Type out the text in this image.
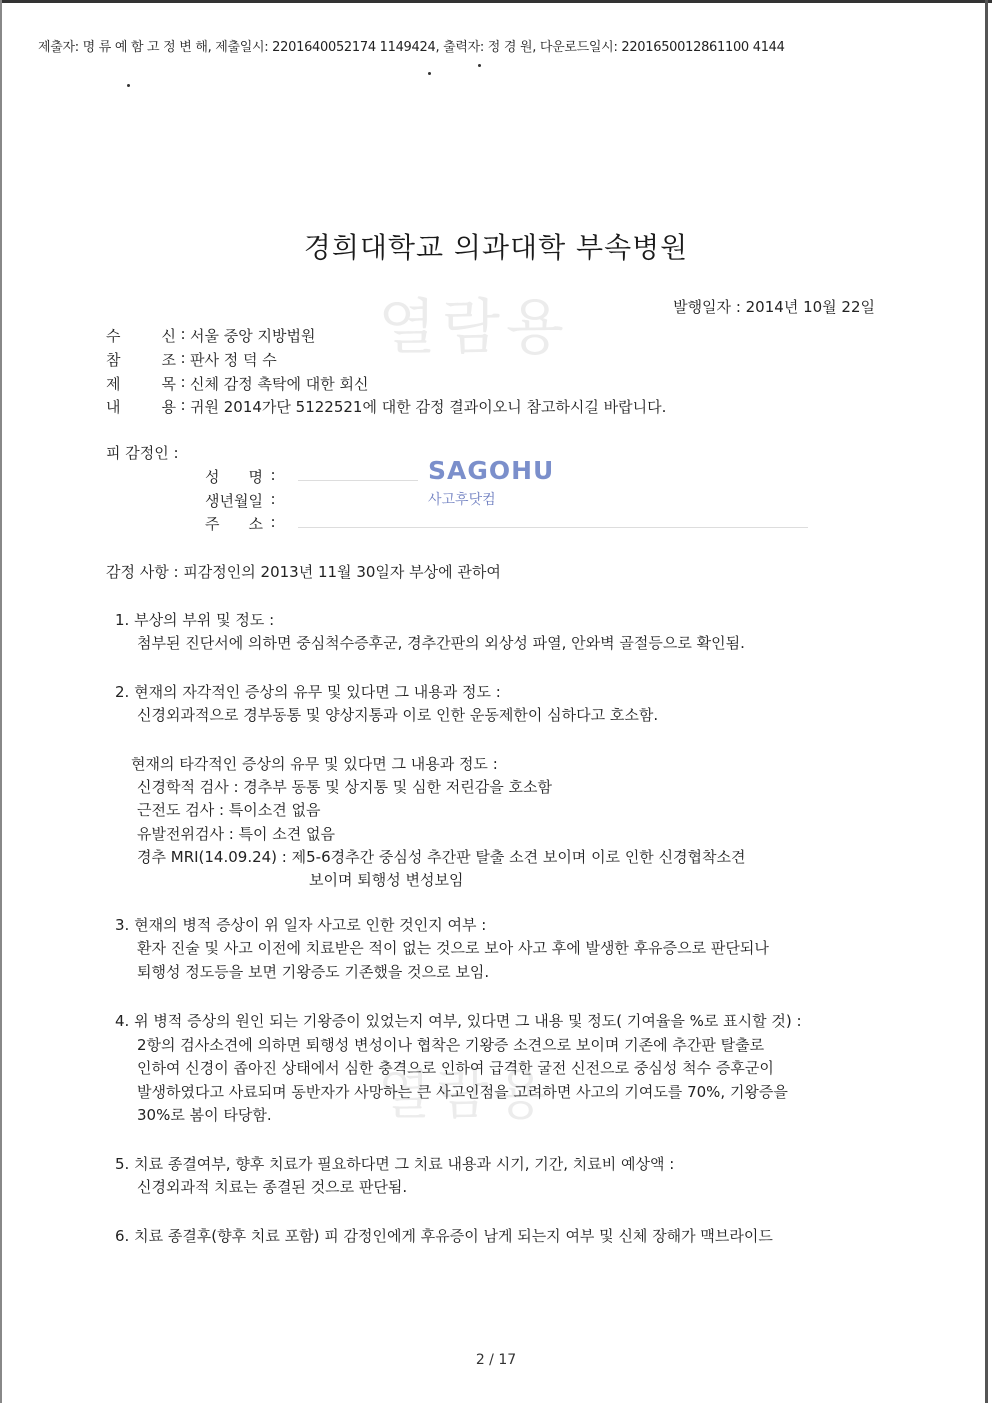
제출자: 명 류 예 함 고 정 변 해, 제출일시: 2201640052174 1149424, 출력자: 정 경 원, 다운로드일시: 2201650012861100 4144
경희대학교 의과대학 부속병원
열람용
열람용
발행일자 : 2014년 10월 22일
수	신 : 서울 중앙 지방법원
참	조 : 판사 정 덕 수
제	목 : 신체 감정 촉탁에 대한 회신
내	용 : 귀원 2014가단 5122521에 대한 감정 결과이오니 참고하시길 바랍니다.
피 감정인 :
성 명 :
생 년 월 일 :
주 소 :
SAGOHU
사고후닷컴
감정 사항 : 피감정인의 2013년 11월 30일자 부상에 관하여
1. 부상의 부위 및 정도 :
첨부된 진단서에 의하면 중심척수증후군, 경추간판의 외상성 파열, 안와벽 골절등으로 확인됨.
2. 현재의 자각적인 증상의 유무 및 있다면 그 내용과 정도 :
신경외과적으로 경부동통 및 양상지통과 이로 인한 운동제한이 심하다고 호소함.
현재의 타각적인 증상의 유무 및 있다면 그 내용과 정도 :
신경학적 검사 : 경추부 동통 및 상지통 및 심한 저린감을 호소함
근전도 검사 : 특이소견 없음
유발전위검사 : 특이 소견 없음
경추 MRI(14.09.24) : 제5-6경추간 중심성 추간판 탈출 소견 보이며 이로 인한 신경협착소견
보이며 퇴행성 변성보임
3. 현재의 병적 증상이 위 일자 사고로 인한 것인지 여부 :
환자 진술 및 사고 이전에 치료받은 적이 없는 것으로 보아 사고 후에 발생한 후유증으로 판단되나
퇴행성 정도등을 보면 기왕증도 기존했을 것으로 보임.
4. 위 병적 증상의 원인 되는 기왕증이 있었는지 여부, 있다면 그 내용 및 정도( 기여율을 %로 표시할 것) :
2항의 검사소견에 의하면 퇴행성 변성이나 협착은 기왕증 소견으로 보이며 기존에 추간판 탈출로
인하여 신경이 좁아진 상태에서 심한 충격으로 인하여 급격한 굴전 신전으로 중심성 척수 증후군이
발생하였다고 사료되며 동반자가 사망하는 큰 사고인점을 고려하면 사고의 기여도를 70%, 기왕증을
30%로 봄이 타당함.
5. 치료 종결여부, 향후 치료가 필요하다면 그 치료 내용과 시기, 기간, 치료비 예상액 :
신경외과적 치료는 종결된 것으로 판단됨.
6. 치료 종결후(향후 치료 포함) 피 감정인에게 후유증이 남게 되는지 여부 및 신체 장해가 맥브라이드
2 / 17
